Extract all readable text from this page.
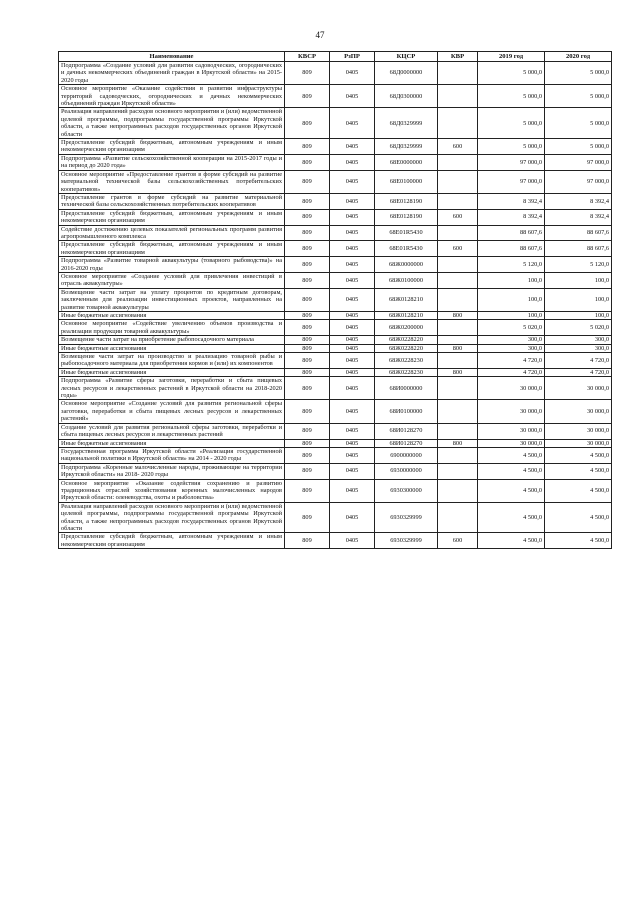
47
Наименование	КВСР	РзПР	КЦСР	КВР	2019 год	2020 год
Подпрограмма «Создание условий для развития садоводческих, огороднических и дачных некоммерческих объединений граждан в Иркутской области» на 2015-2020 годы	809	0405	68Д0000000		5 000,0	5 000,0
Основное мероприятие «Оказание содействия в развитии инфраструктуры территорий садоводческих, огороднических и дачных некоммерческих объединений граждан Иркутской области»	809	0405	68Д0300000		5 000,0	5 000,0
Реализация направлений расходов основного мероприятия и (или) ведомственной целевой программы, подпрограммы государственной программы Иркутской области, а также непрограммных расходов государственных органов Иркутской области	809	0405	68Д0329999		5 000,0	5 000,0
Предоставление субсидий бюджетным, автономным учреждениям и иным некоммерческим организациям	809	0405	68Д0329999	600	5 000,0	5 000,0
Подпрограмма «Развитие сельскохозяйственной кооперации на 2015-2017 годы и на период до 2020 года»	809	0405	68Е0000000		97 000,0	97 000,0
Основное мероприятие «Предоставление грантов в форме субсидий на развитие материальной технической базы сельскохозяйственных потребительских кооперативов»	809	0405	68Е0100000		97 000,0	97 000,0
Предоставление грантов в форме субсидий на развитие материальной технической базы сельскохозяйственных потребительских кооперативов	809	0405	68Е0128190		8 392,4	8 392,4
Предоставление субсидий бюджетным, автономным учреждениям и иным некоммерческим организациям	809	0405	68Е0128190	600	8 392,4	8 392,4
Содействие достижению целевых показателей региональных программ развития агропромышленного комплекса	809	0405	68Е01R5430		88 607,6	88 607,6
Предоставление субсидий бюджетным, автономным учреждениям и иным некоммерческим организациям	809	0405	68Е01R5430	600	88 607,6	88 607,6
Подпрограмма «Развитие товарной аквакультуры (товарного рыбоводства)» на 2016-2020 годы	809	0405	68Ж0000000		5 120,0	5 120,0
Основное мероприятие «Создание условий для привлечения инвестиций в отрасль аквакультуры»	809	0405	68Ж0100000		100,0	100,0
Возмещение части затрат на уплату процентов по кредитным договорам, заключенным для реализации инвестиционных проектов, направленных на развитие товарной аквакультуры	809	0405	68Ж0128210		100,0	100,0
Иные бюджетные ассигнования	809	0405	68Ж0128210	800	100,0	100,0
Основное мероприятие «Содействие увеличению объемов производства и реализации продукции товарной аквакультуры»	809	0405	68Ж0200000		5 020,0	5 020,0
Возмещение части затрат на приобретение рыбопосадочного материала	809	0405	68Ж0228220		300,0	300,0
Иные бюджетные ассигнования	809	0405	68Ж0228220	800	300,0	300,0
Возмещение части затрат на производство и реализацию товарной рыбы и рыбопосадочного материала для приобретения кормов и (или) их компонентов	809	0405	68Ж0228230		4 720,0	4 720,0
Иные бюджетные ассигнования	809	0405	68Ж0228230	800	4 720,0	4 720,0
Подпрограмма «Развитие сферы заготовки, переработки и сбыта пищевых лесных ресурсов и лекарственных растений в Иркутской области на 2018-2020 годы»	809	0405	68И0000000		30 000,0	30 000,0
Основное мероприятие «Создание условий для развития региональной сферы заготовки, переработки и сбыта пищевых лесных ресурсов и лекарственных растений»	809	0405	68И0100000		30 000,0	30 000,0
Создание условий для развития региональной сферы заготовки, переработки и сбыта пищевых лесных ресурсов и лекарственных растений	809	0405	68И0128270		30 000,0	30 000,0
Иные бюджетные ассигнования	809	0405	68И0128270	800	30 000,0	30 000,0
Государственная программа Иркутской области «Реализация государственной национальной политики в Иркутской области» на 2014 - 2020 годы	809	0405	6900000000		4 500,0	4 500,0
Подпрограмма «Коренные малочисленные народы, проживающие на территории Иркутской области» на 2018- 2020 годы	809	0405	6930000000		4 500,0	4 500,0
Основное мероприятие «Оказание содействия сохранению и развитию традиционных отраслей хозяйствования коренных малочисленных народов Иркутской области: оленеводства, охоты и рыболовства»	809	0405	6930300000		4 500,0	4 500,0
Реализация направлений расходов основного мероприятия и (или) ведомственной целевой программы, подпрограммы государственной программы Иркутской области, а также непрограммных расходов государственных органов Иркутской области	809	0405	6930329999		4 500,0	4 500,0
Предоставление субсидий бюджетным, автономным учреждениям и иным некоммерческим организациям	809	0405	6930329999	600	4 500,0	4 500,0
